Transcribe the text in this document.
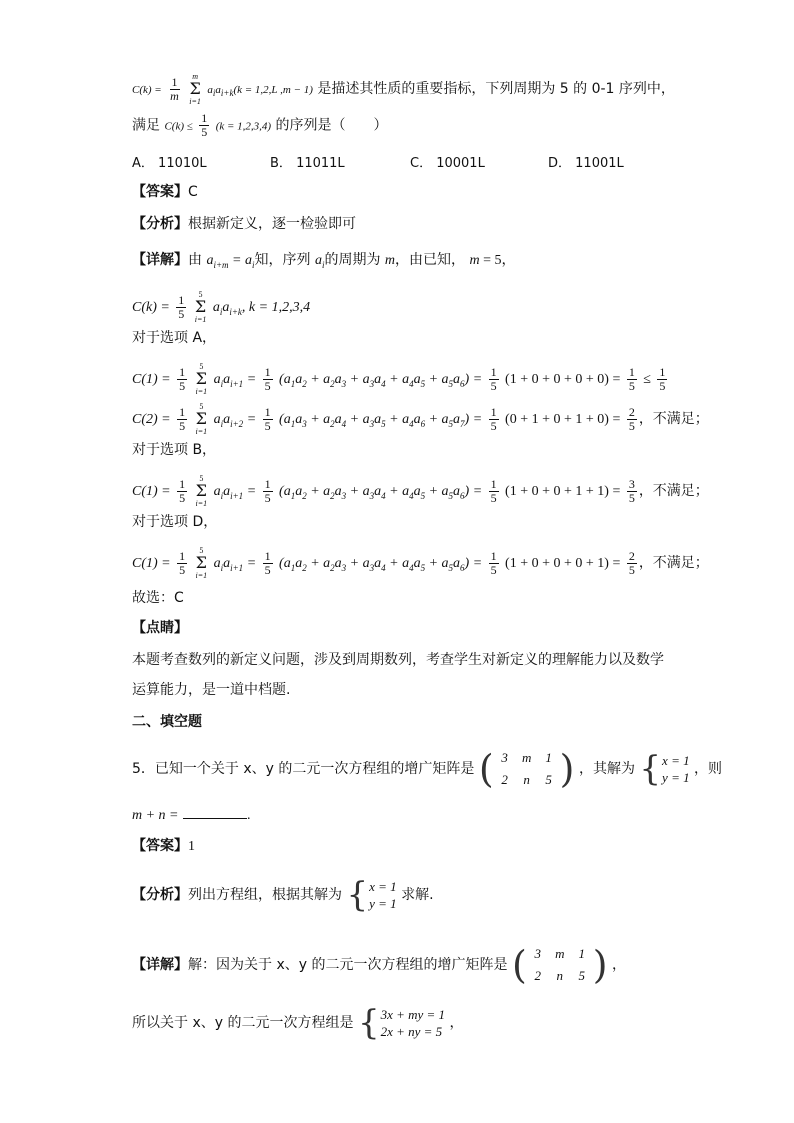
$C(k) = \frac{1}{m}$
m
Σ
i=1
$a_ia_{i+k}(k = 1,2,L$ ,m − 1) 是描述其性质的重要指标，下列周期为 5 的 0-1 序列中，
满足 $C(k) \le \frac{1}{5} (k = 1,2,3,4)$ 的序列是（　　）
A． 11010L	B． 11011L	C． 10001L	D． 11001L
【答案】C
【分析】根据新定义，逐一检验即可
【详解】由 $a_{i+m} = a_i$知，序列 $a_i$的周期为 m，由已知， m = 5，
$C(k) = \frac{1}{5}$
5
Σ
i=1
$a_ia_{i+k}$, k = 1,2,3,4
对于选项 A，
$C(1) = \frac{1}{5}$
5
Σ
i=1
$a_ia_{i+1} = \frac{1}{5} (a_1a_2 + a_2a_3 + a_3a_4 + a_4a_5 + a_5a_6) = \frac{1}{5} (1 + 0 + 0 + 0 + 0) = \frac{1}{5} \le \frac{1}{5}$
$C(2) = \frac{1}{5}$
5
Σ
i=1
$a_ia_{i+2} = \frac{1}{5} (a_1a_3 + a_2a_4 + a_3a_5 + a_4a_6 + a_5a_7) = \frac{1}{5} (0 + 1 + 0 + 1 + 0) = \frac{2}{5}$ ，不满足；
对于选项 B，
$C(1) = \frac{1}{5}$
5
Σ
i=1
$a_ia_{i+1} = \frac{1}{5} (a_1a_2 + a_2a_3 + a_3a_4 + a_4a_5 + a_5a_6) = \frac{1}{5} (1 + 0 + 0 + 1 + 1) = \frac{3}{5}$ ，不满足；
对于选项 D，
$C(1) = \frac{1}{5}$
5
Σ
i=1
$a_ia_{i+1} = \frac{1}{5} (a_1a_2 + a_2a_3 + a_3a_4 + a_4a_5 + a_5a_6) = \frac{1}{5} (1 + 0 + 0 + 0 + 1) = \frac{2}{5}$ ，不满足；
故选：C
【点睛】
本题考查数列的新定义问题，涉及到周期数列，考查学生对新定义的理解能力以及数学
运算能力，是一道中档题.
二、填空题
5．已知一个关于 x、y 的二元一次方程组的增广矩阵是 ( 3	m	1
2	n	5 ) ，其解为 { x = 1
y = 1
，则
m + n =	.
【答案】1
【分析】列出方程组，根据其解为 { x = 1
y = 1
求解.
【详解】解：因为关于 x、y 的二元一次方程组的增广矩阵是 ( 3	m	1
2	n	5 ) ，
所以关于 x、y 的二元一次方程组是 { 3x + my = 1
2x + ny = 5
，
